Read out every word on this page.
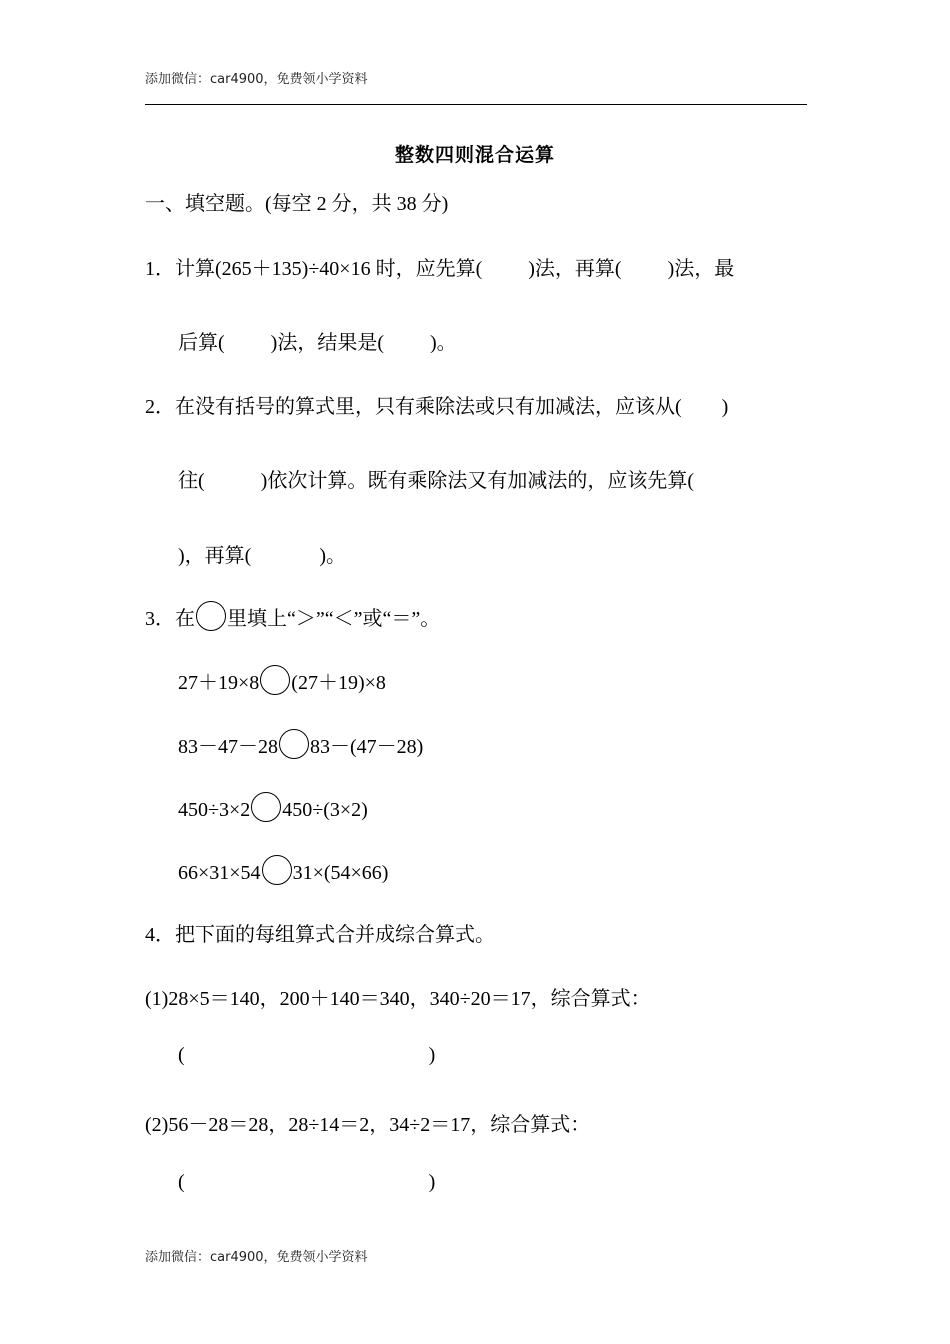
添加微信：car4900，免费领小学资料
整数四则混合运算
一、填空题。(每空 2 分，共 38 分)
1．计算(265＋135)÷40×16 时，应先算( )法，再算( )法，最
后算( )法，结果是( )。
2．在没有括号的算式里，只有乘除法或只有加减法，应该从( )
往(	)依次计算。既有乘除法又有加减法的，应该先算(
)，再算(	)。
3．在 里填上“＞”“＜”或“＝”。
27＋19×8 (27＋19)×8
83－47－28 83－(47－28)
450÷3×2 450÷(3×2)
66×31×54 31×(54×66)
4．把下面的每组算式合并成综合算式。
(1)28×5＝140，200＋140＝340，340÷20＝17，综合算式：
(	)
(2)56－28＝28，28÷14＝2，34÷2＝17，综合算式：
(	)
添加微信：car4900，免费领小学资料
